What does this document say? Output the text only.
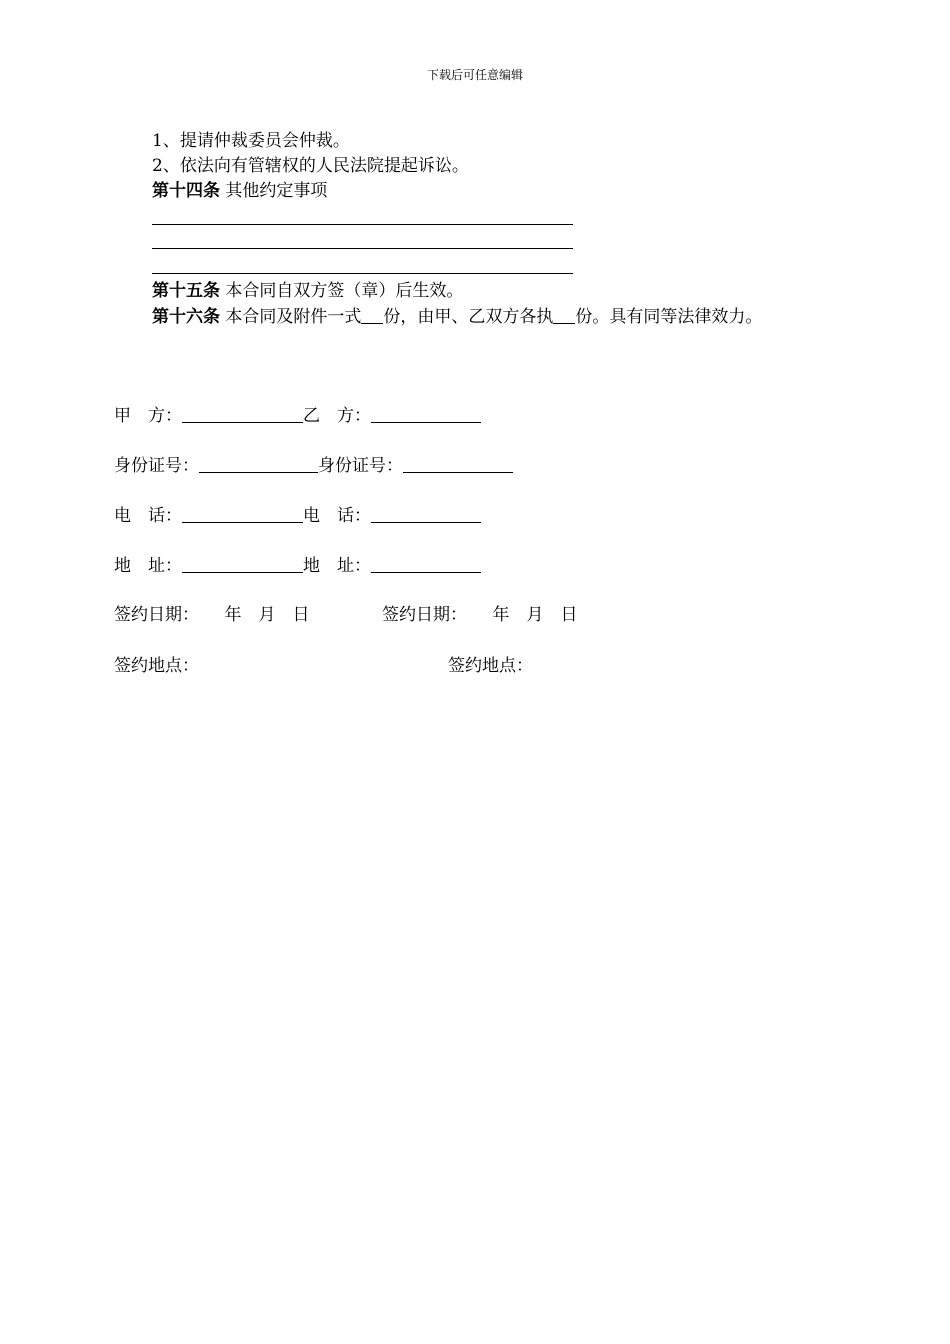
下载后可任意编辑
1、提请仲裁委员会仲裁。
2、依法向有管辖权的人民法院提起诉讼。
第十四条 其他约定事项
第十五条 本合同自双方签（章）后生效。
第十六条 本合同及附件一式 份，由甲、乙双方各执 份。具有同等法律效力。
甲　方：	乙　方：
身份证号：	身份证号：
电　话：	电　话：
地　址：	地　址：
签约日期：　　年　月　日	签约日期：　　年　月　日
签约地点：	签约地点：
